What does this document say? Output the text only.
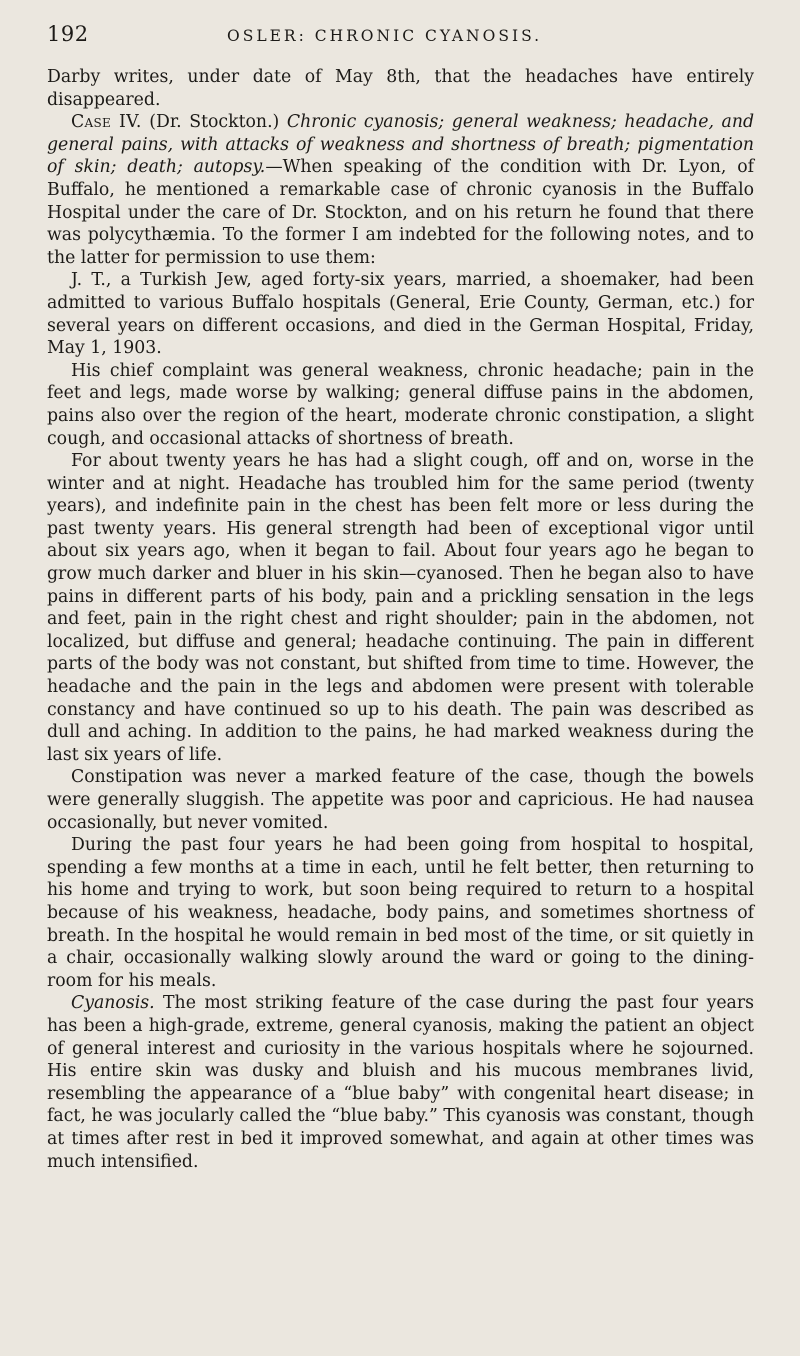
192	OSLER: CHRONIC CYANOSIS.

Darby writes, under date of May 8th, that the headaches have entirely disappeared.

Case IV. (Dr. Stockton.) Chronic cyanosis; general weakness; headache, and general pains, with attacks of weakness and shortness of breath; pigmentation of skin; death; autopsy.—When speaking of the condition with Dr. Lyon, of Buffalo, he mentioned a remarkable case of chronic cyanosis in the Buffalo Hospital under the care of Dr. Stockton, and on his return he found that there was polycythæmia. To the former I am indebted for the following notes, and to the latter for permission to use them:

J. T., a Turkish Jew, aged forty-six years, married, a shoemaker, had been admitted to various Buffalo hospitals (General, Erie County, German, etc.) for several years on different occasions, and died in the German Hospital, Friday, May 1, 1903.

His chief complaint was general weakness, chronic headache; pain in the feet and legs, made worse by walking; general diffuse pains in the abdomen, pains also over the region of the heart, moderate chronic constipation, a slight cough, and occasional attacks of shortness of breath.

For about twenty years he has had a slight cough, off and on, worse in the winter and at night. Headache has troubled him for the same period (twenty years), and indefinite pain in the chest has been felt more or less during the past twenty years. His general strength had been of exceptional vigor until about six years ago, when it began to fail. About four years ago he began to grow much darker and bluer in his skin—cyanosed. Then he began also to have pains in different parts of his body, pain and a prickling sensation in the legs and feet, pain in the right chest and right shoulder; pain in the abdomen, not localized, but diffuse and general; headache continuing. The pain in different parts of the body was not constant, but shifted from time to time. However, the headache and the pain in the legs and abdomen were present with tolerable constancy and have continued so up to his death. The pain was described as dull and aching. In addition to the pains, he had marked weakness during the last six years of life.

Constipation was never a marked feature of the case, though the bowels were generally sluggish. The appetite was poor and capricious. He had nausea occasionally, but never vomited.

During the past four years he had been going from hospital to hospital, spending a few months at a time in each, until he felt better, then returning to his home and trying to work, but soon being required to return to a hospital because of his weakness, headache, body pains, and sometimes shortness of breath. In the hospital he would remain in bed most of the time, or sit quietly in a chair, occasionally walking slowly around the ward or going to the dining-room for his meals.

Cyanosis. The most striking feature of the case during the past four years has been a high-grade, extreme, general cyanosis, making the patient an object of general interest and curiosity in the various hospitals where he sojourned. His entire skin was dusky and bluish and his mucous membranes livid, resembling the appearance of a “blue baby” with congenital heart disease; in fact, he was jocularly called the “blue baby.” This cyanosis was constant, though at times after rest in bed it improved somewhat, and again at other times was much intensified.
